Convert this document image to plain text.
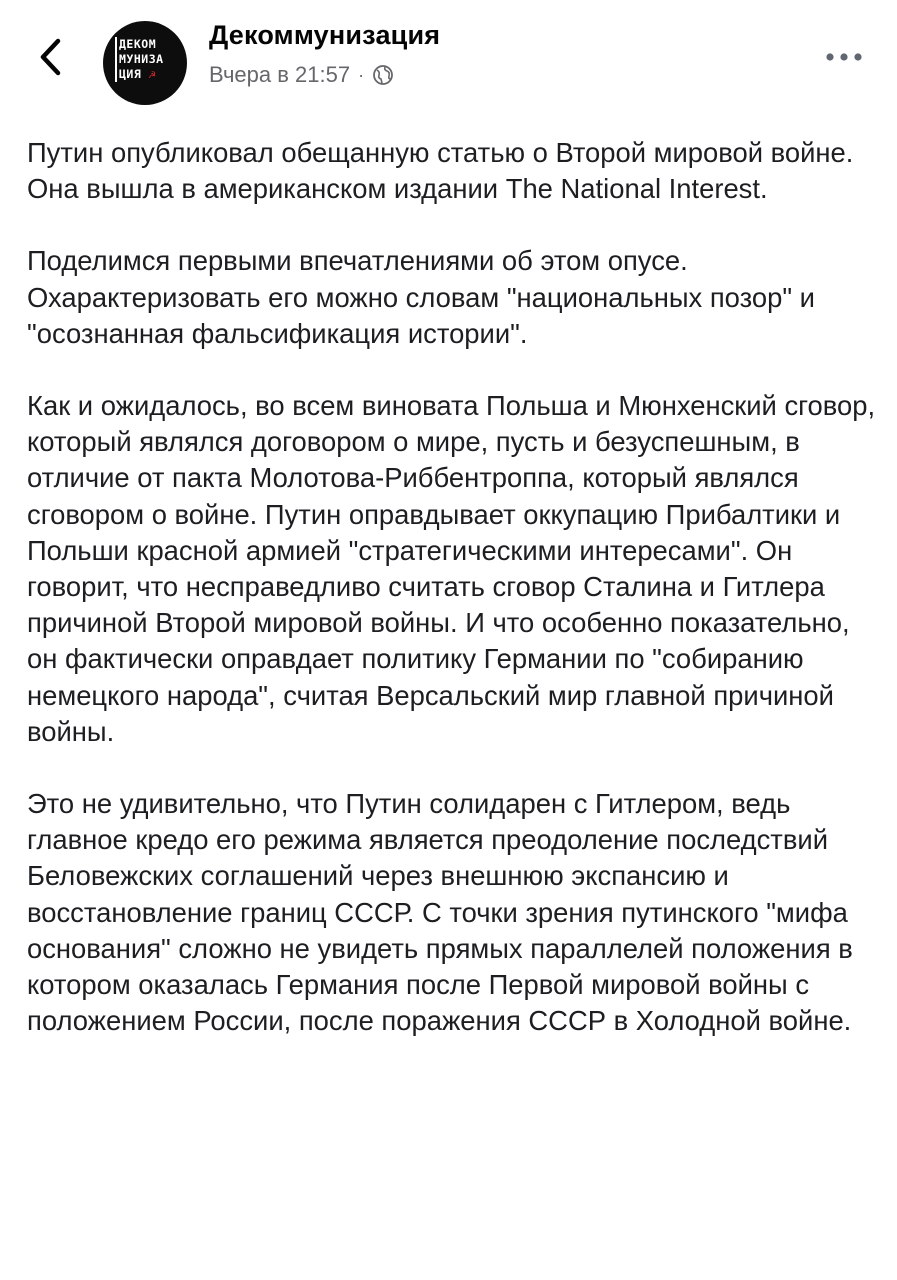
ДЕКОМ
МУНИЗА
ЦИЯ ☭
Декоммунизация
Вчера в 21:57 ·

Путин опубликовал обещанную статью о Второй мировой войне. Она вышла в американском издании The National Interest.

Поделимся первыми впечатлениями об этом опусе. Охарактеризовать его можно словам "национальных позор" и "осознанная фальсификация истории".

Как и ожидалось, во всем виновата Польша и Мюнхенский сговор, который являлся договором о мире, пусть и безуспешным, в отличие от пакта Молотова-Риббентроппа, который являлся сговором о войне. Путин оправдывает оккупацию Прибалтики и Польши красной армией "стратегическими интересами". Он говорит, что несправедливо считать сговор Сталина и Гитлера причиной Второй мировой войны. И что особенно показательно, он фактически оправдает политику Германии по "собиранию немецкого народа", считая Версальский мир главной причиной войны.

Это не удивительно, что Путин солидарен с Гитлером, ведь главное кредо его режима является преодоление последствий Беловежских соглашений через внешнюю экспансию и восстановление границ СССР. С точки зрения путинского "мифа основания" сложно не увидеть прямых параллелей положения в котором оказалась Германия после Первой мировой войны с положением России, после поражения СССР в Холодной войне.
